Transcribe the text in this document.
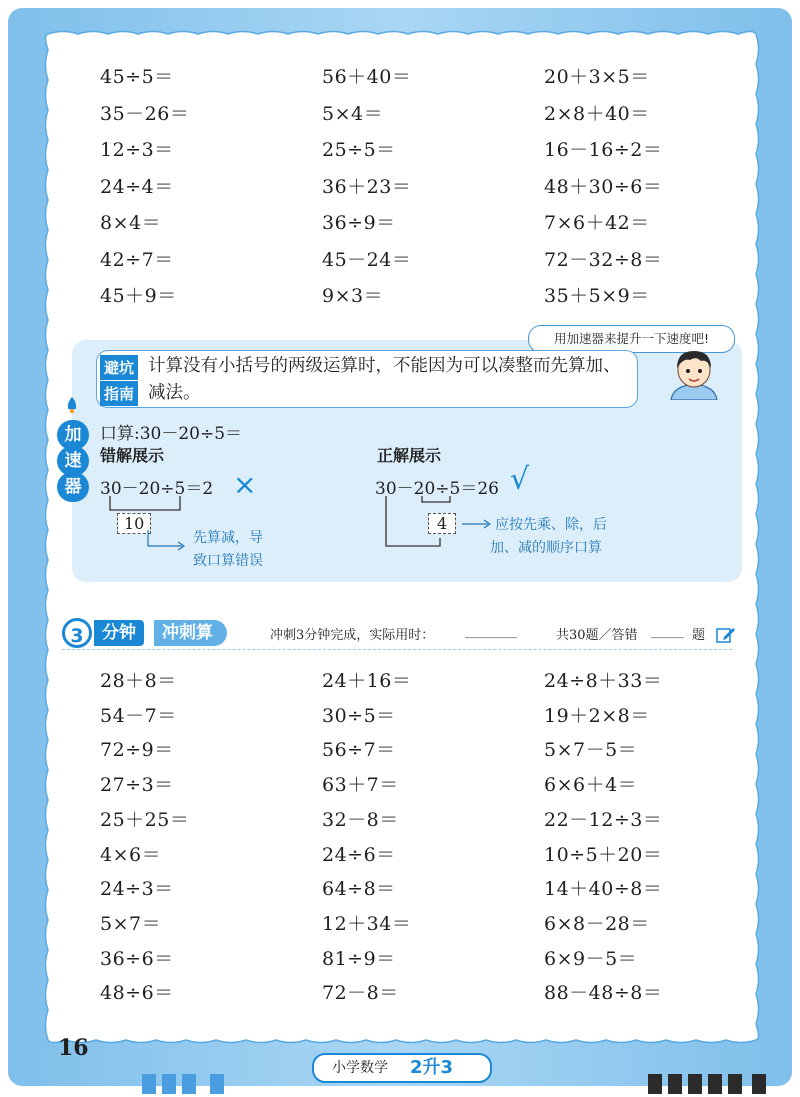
45÷5＝	56＋40＝	20＋3×5＝
35－26＝	5×4＝	2×8＋40＝
12÷3＝	25÷5＝	16－16÷2＝
24÷4＝	36＋23＝	48＋30÷6＝
8×4＝	36÷9＝	7×6＋42＝
42÷7＝	45－24＝	72－32÷8＝
45＋9＝	9×3＝	35＋5×9＝
用加速器来提升一下速度吧!
避坑
指南
计算没有小括号的两级运算时，不能因为可以凑整而先算加、减法。
加
速
器
口算:30－20÷5＝
错解展示
30－20÷5＝2 ×
10
先算减，导
致口算错误
正解展示
30－20÷5＝26 √
4	应按先乘、除，后
加、减的顺序口算
3	分钟	冲刺算	冲刺3分钟完成，实际用时： ________	共30题／答错 _____ 题
28＋8＝	24＋16＝	24÷8＋33＝
54－7＝	30÷5＝	19＋2×8＝
72÷9＝	56÷7＝	5×7－5＝
27÷3＝	63＋7＝	6×6＋4＝
25＋25＝	32－8＝	22－12÷3＝
4×6＝	24÷6＝	10÷5＋20＝
24÷3＝	64÷8＝	14＋40÷8＝
5×7＝	12＋34＝	6×8－28＝
36÷6＝	81÷9＝	6×9－5＝
48÷6＝	72－8＝	88－48÷8＝
16
小学数学 2升3
